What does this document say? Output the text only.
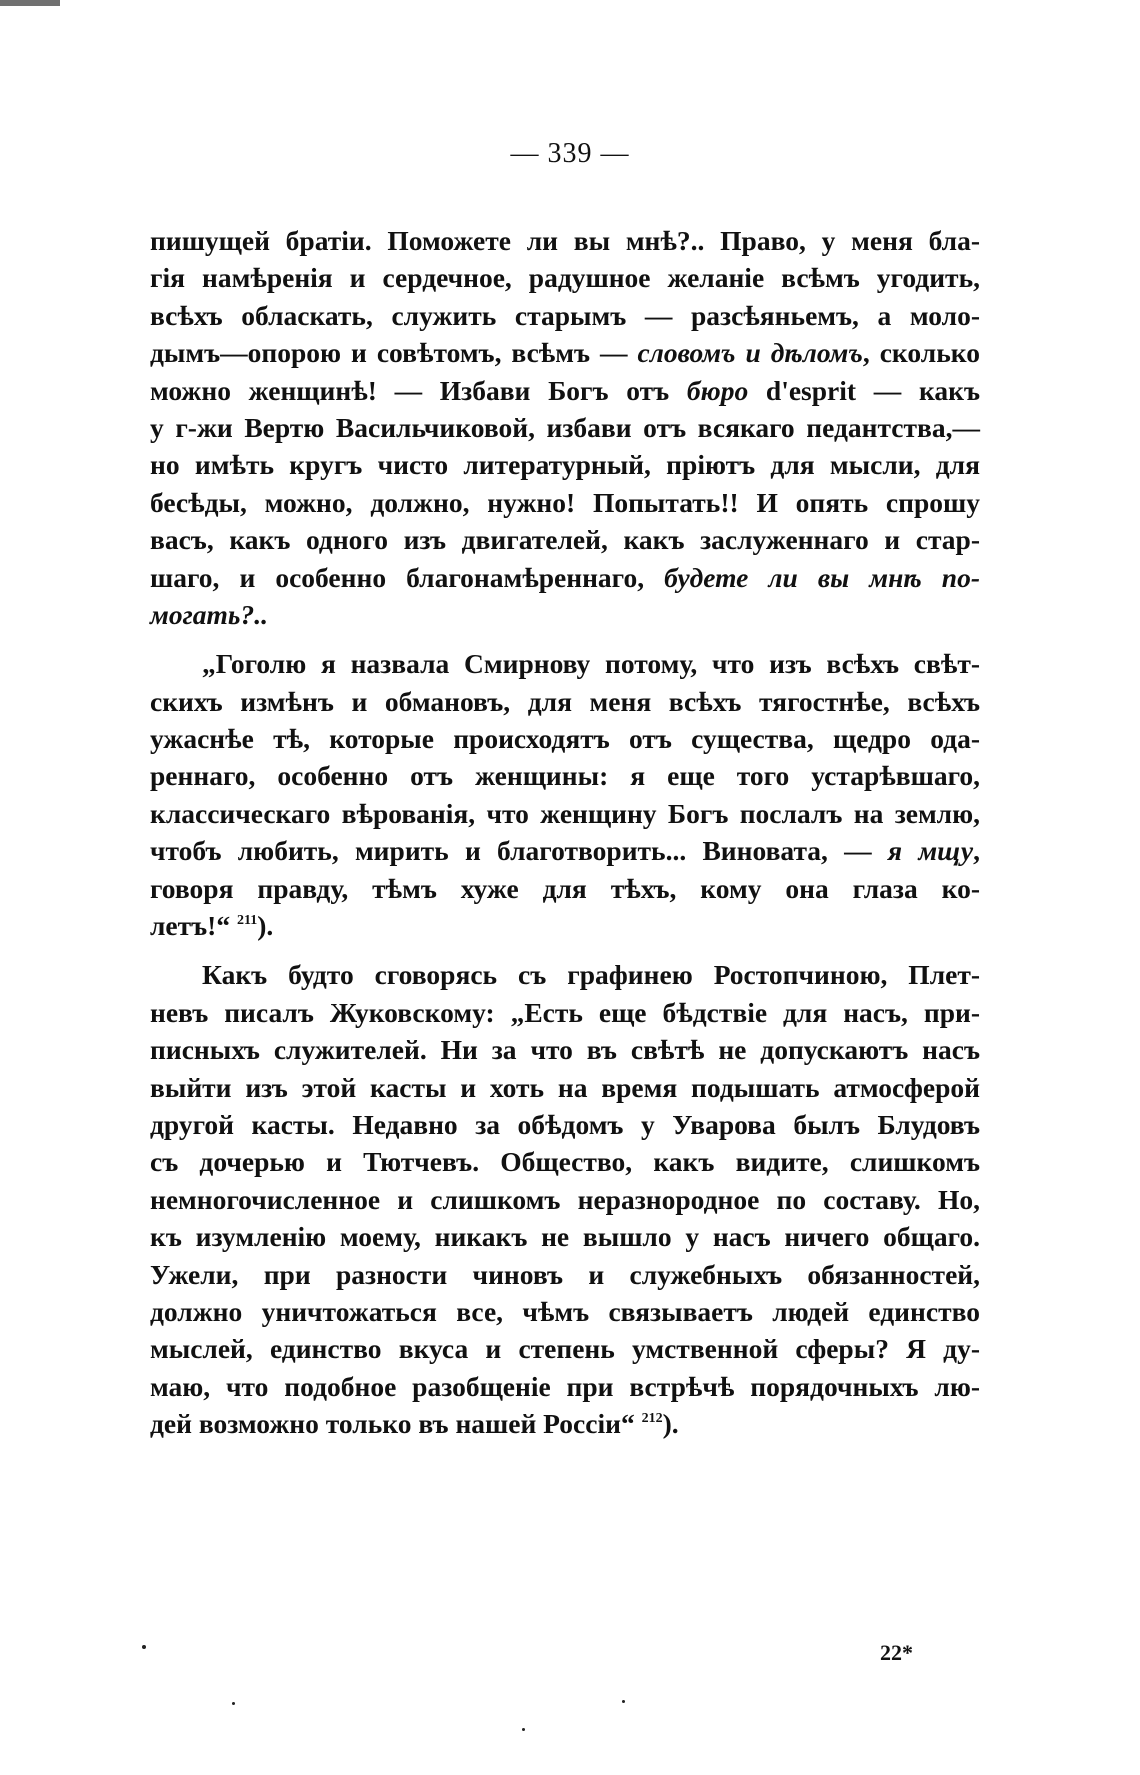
— 339 —
пишущей братіи. Поможете ли вы мнѣ?.. Право, у меня бла-
гія намѣренія и сердечное, радушное желаніе всѣмъ угодить,
всѣхъ обласкать, служить старымъ — разсѣяньемъ, а моло-
дымъ—опорою и совѣтомъ, всѣмъ — словомъ и дѣломъ, сколько
можно женщинѣ! — Избави Богъ отъ бюро d'esprit — какъ
у г-жи Вертю Васильчиковой, избави отъ всякаго педантства,—
но имѣть кругъ чисто литературный, пріютъ для мысли, для
бесѣды, можно, должно, нужно! Попытать!! И опять спрошу
васъ, какъ одного изъ двигателей, какъ заслуженнаго и стар-
шаго, и особенно благонамѣреннаго, будете ли вы мнѣ по-
могать?..
„Гоголю я назвала Смирнову потому, что изъ всѣхъ свѣт-
скихъ измѣнъ и обмановъ, для меня всѣхъ тягостнѣе, всѣхъ
ужаснѣе тѣ, которые происходятъ отъ существа, щедро ода-
реннаго, особенно отъ женщины: я еще того устарѣвшаго,
классическаго вѣрованія, что женщину Богъ послалъ на землю,
чтобъ любить, мирить и благотворить... Виновата, — я мщу,
говоря правду, тѣмъ хуже для тѣхъ, кому она глаза ко-
летъ!“ $^{211}$).
Какъ будто сговорясь съ графинею Ростопчиною, Плет-
невъ писалъ Жуковскому: „Есть еще бѣдствіе для насъ, при-
писныхъ служителей. Ни за что въ свѣтѣ не допускаютъ насъ
выйти изъ этой касты и хоть на время подышать атмосферой
другой касты. Недавно за обѣдомъ у Уварова былъ Блудовъ
съ дочерью и Тютчевъ. Общество, какъ видите, слишкомъ
немногочисленное и слишкомъ неразнородное по составу. Но,
къ изумленію моему, никакъ не вышло у насъ ничего общаго.
Ужели, при разности чиновъ и служебныхъ обязанностей,
должно уничтожаться все, чѣмъ связываетъ людей единство
мыслей, единство вкуса и степень умственной сферы? Я ду-
маю, что подобное разобщеніе при встрѣчѣ порядочныхъ лю-
дей возможно только въ нашей Россіи“ $^{212}$).
22*
